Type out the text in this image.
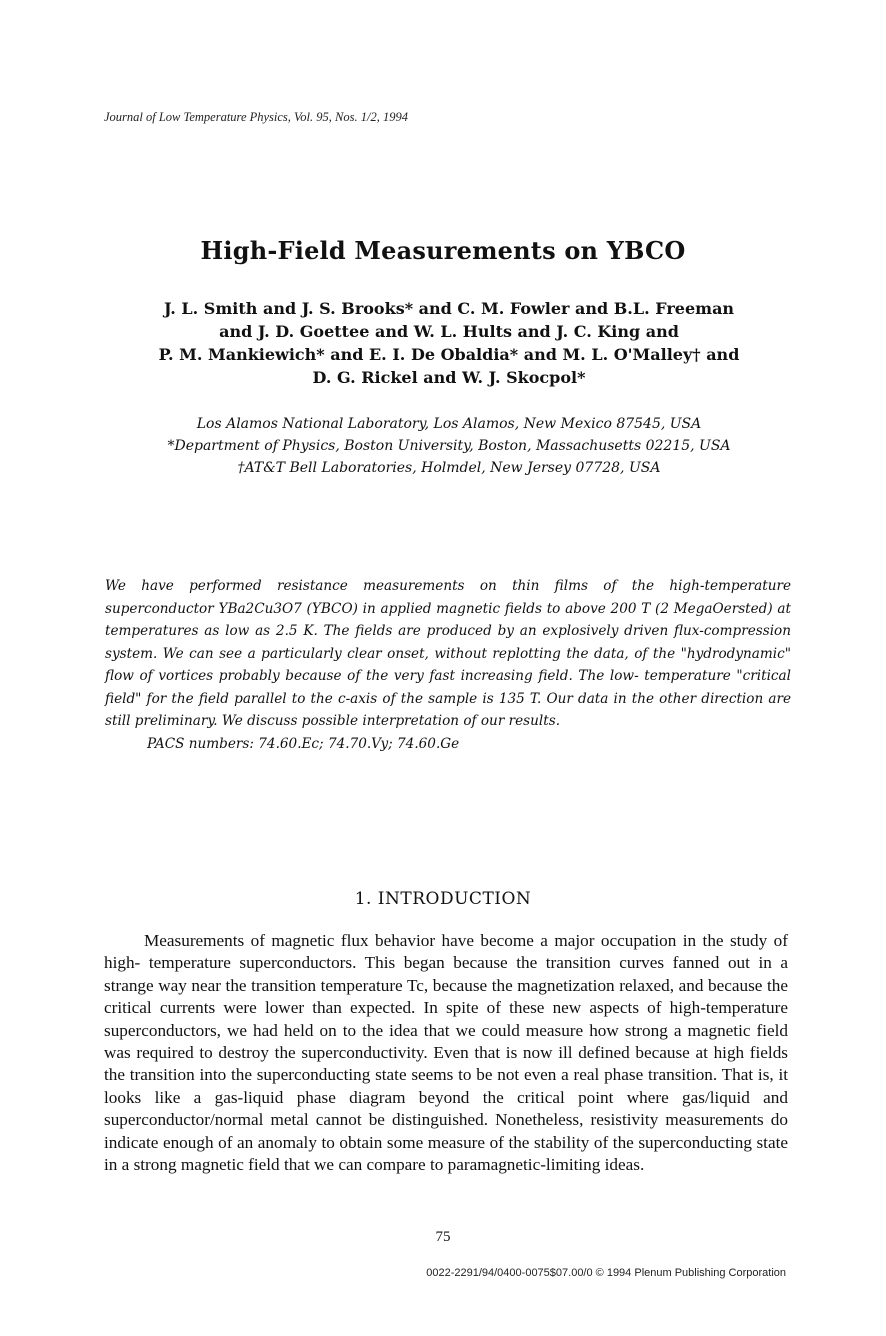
Journal of Low Temperature Physics, Vol. 95, Nos. 1/2, 1994
High-Field Measurements on YBCO
J. L. Smith and J. S. Brooks* and C. M. Fowler and B.L. Freeman
and J. D. Goettee and W. L. Hults and J. C. King and
P. M. Mankiewich* and E. I. De Obaldia* and M. L. O'Malley† and
D. G. Rickel and W. J. Skocpol*
Los Alamos National Laboratory, Los Alamos, New Mexico 87545, USA
*Department of Physics, Boston University, Boston, Massachusetts 02215, USA
†AT&T Bell Laboratories, Holmdel, New Jersey 07728, USA
We have performed resistance measurements on thin films of the high-temperature superconductor YBa2Cu3O7 (YBCO) in applied magnetic fields to above 200 T (2 MegaOersted) at temperatures as low as 2.5 K. The fields are produced by an explosively driven flux-compression system. We can see a particularly clear onset, without replotting the data, of the "hydrodynamic" flow of vortices probably because of the very fast increasing field. The low- temperature "critical field" for the field parallel to the c-axis of the sample is 135 T. Our data in the other direction are still preliminary. We discuss possible interpretation of our results.
PACS numbers: 74.60.Ec; 74.70.Vy; 74.60.Ge
1. INTRODUCTION

Measurements of magnetic flux behavior have become a major occupation in the study of high- temperature superconductors. This began because the transition curves fanned out in a strange way near the transition temperature Tc, because the magnetization relaxed, and because the critical currents were lower than expected. In spite of these new aspects of high-temperature superconductors, we had held on to the idea that we could measure how strong a magnetic field was required to destroy the superconductivity. Even that is now ill defined because at high fields the transition into the superconducting state seems to be not even a real phase transition. That is, it looks like a gas-liquid phase diagram beyond the critical point where gas/liquid and superconductor/normal metal cannot be distinguished. Nonetheless, resistivity measurements do indicate enough of an anomaly to obtain some measure of the stability of the superconducting state in a strong magnetic field that we can compare to paramagnetic-limiting ideas.

75
0022-2291/94/0400-0075$07.00/0 © 1994 Plenum Publishing Corporation
